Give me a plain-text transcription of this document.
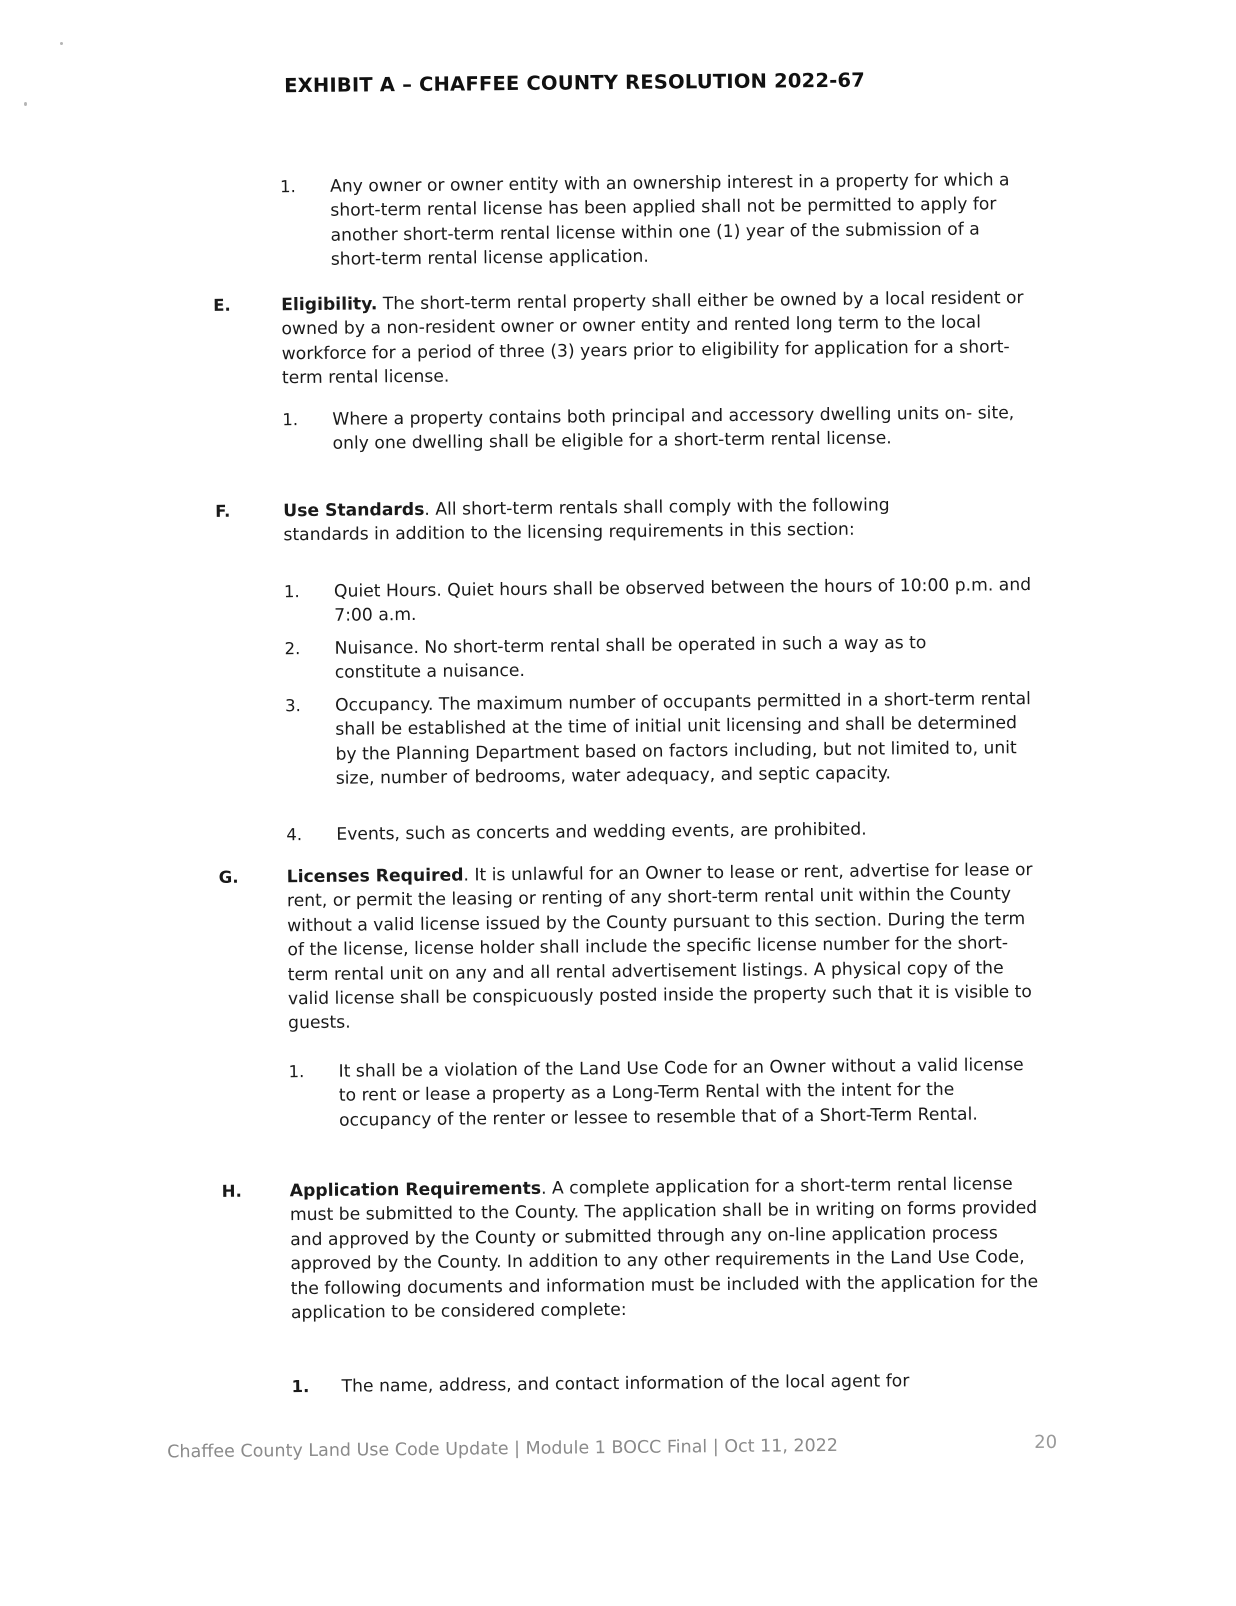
EXHIBIT A – CHAFFEE COUNTY RESOLUTION 2022-67
1. Any owner or owner entity with an ownership interest in a property for which a short-term rental license has been applied shall not be permitted to apply for another short-term rental license within one (1) year of the submission of a short-term rental license application.
E.	Eligibility. The short-term rental property shall either be owned by a local resident or owned by a non-resident owner or owner entity and rented long term to the local workforce for a period of three (3) years prior to eligibility for application for a short-term rental license.
1. Where a property contains both principal and accessory dwelling units on- site, only one dwelling shall be eligible for a short-term rental license.
F.	Use Standards. All short-term rentals shall comply with the following standards in addition to the licensing requirements in this section:
1. Quiet Hours. Quiet hours shall be observed between the hours of 10:00 p.m. and 7:00 a.m.
2. Nuisance. No short-term rental shall be operated in such a way as to constitute a nuisance.
3. Occupancy. The maximum number of occupants permitted in a short-term rental shall be established at the time of initial unit licensing and shall be determined by the Planning Department based on factors including, but not limited to, unit size, number of bedrooms, water adequacy, and septic capacity.
4. Events, such as concerts and wedding events, are prohibited.
G.	Licenses Required. It is unlawful for an Owner to lease or rent, advertise for lease or rent, or permit the leasing or renting of any short-term rental unit within the County without a valid license issued by the County pursuant to this section. During the term of the license, license holder shall include the specific license number for the short-term rental unit on any and all rental advertisement listings. A physical copy of the valid license shall be conspicuously posted inside the property such that it is visible to guests.
1. It shall be a violation of the Land Use Code for an Owner without a valid license to rent or lease a property as a Long-Term Rental with the intent for the occupancy of the renter or lessee to resemble that of a Short-Term Rental.
H.	Application Requirements. A complete application for a short-term rental license must be submitted to the County. The application shall be in writing on forms provided and approved by the County or submitted through any on-line application process approved by the County. In addition to any other requirements in the Land Use Code, the following documents and information must be included with the application for the application to be considered complete:
1. The name, address, and contact information of the local agent for
Chaffee County Land Use Code Update | Module 1 BOCC Final | Oct 11, 2022	20
